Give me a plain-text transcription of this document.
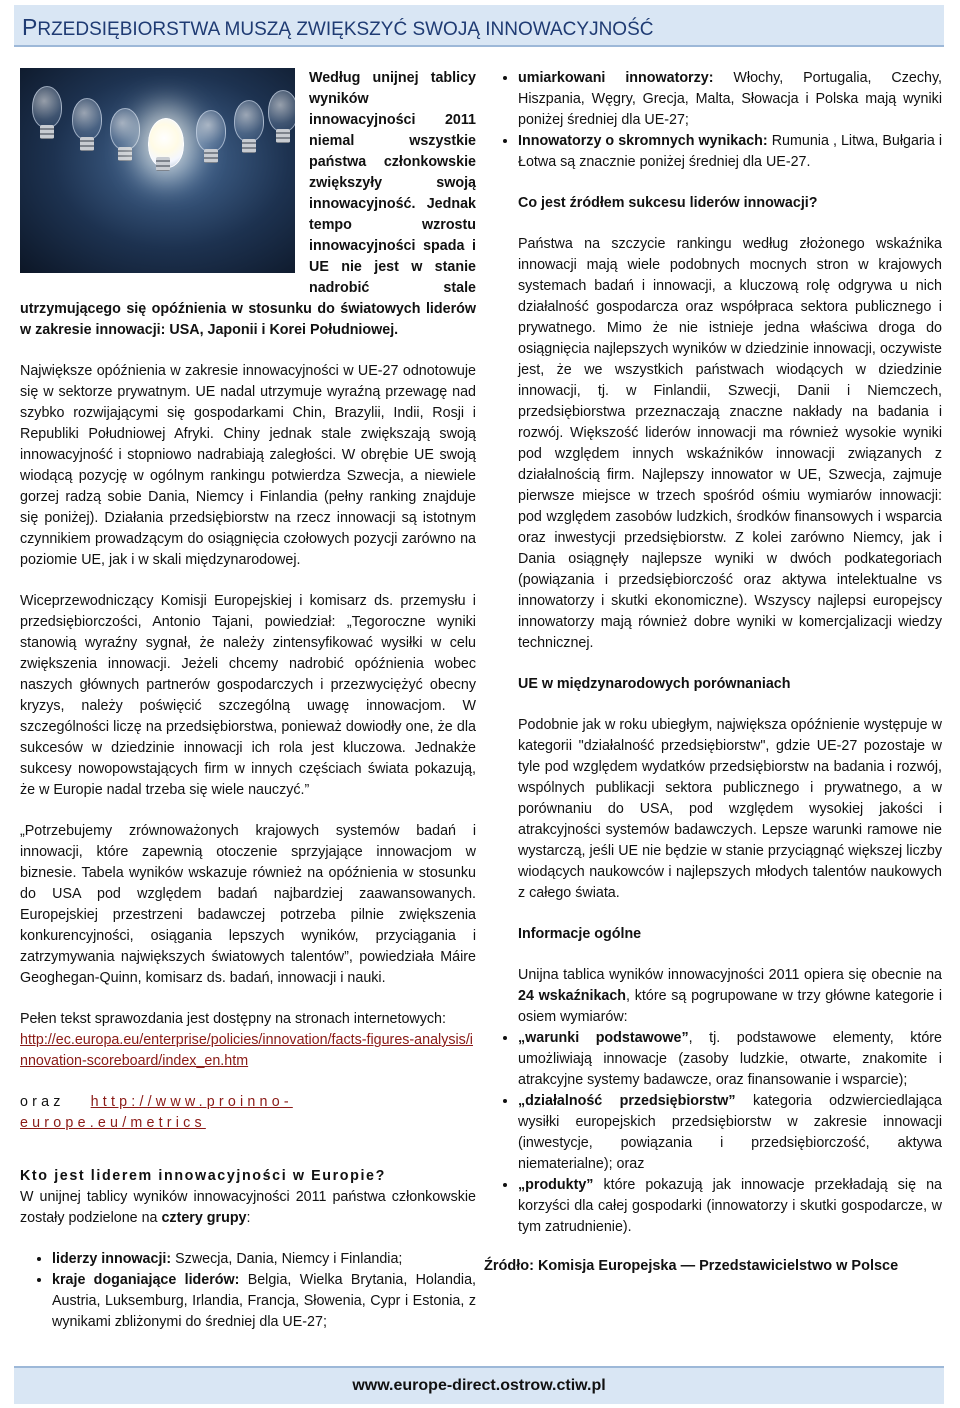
PRZEDSIĘBIORSTWA MUSZĄ ZWIĘKSZYĆ SWOJĄ INNOWACYJNOŚĆ

Według unijnej tablicy wyników innowacyjności 2011 niemal wszystkie państwa członkowskie zwiększyły swoją innowacyjność. Jednak tempo wzrostu innowacyjności spada i UE nie jest w stanie nadrobić stale utrzymującego się opóźnienia w stosunku do światowych liderów w zakresie innowacji: USA, Japonii i Korei Południowej.

Największe opóźnienia w zakresie innowacyjności w UE-27 odnotowuje się w sektorze prywatnym. UE nadal utrzymuje wyraźną przewagę nad szybko rozwijającymi się gospodarkami Chin, Brazylii, Indii, Rosji i Republiki Południowej Afryki. Chiny jednak stale zwiększają swoją innowacyjność i stopniowo nadrabiają zaległości. W obrębie UE swoją wiodącą pozycję w ogólnym rankingu potwierdza Szwecja, a niewiele gorzej radzą sobie Dania, Niemcy i Finlandia (pełny ranking znajduje się poniżej). Działania przedsiębiorstw na rzecz innowacji są istotnym czynnikiem prowadzącym do osiągnięcia czołowych pozycji zarówno na poziomie UE, jak i w skali międzynarodowej.

Wiceprzewodniczący Komisji Europejskiej i komisarz ds. przemysłu i przedsiębiorczości, Antonio Tajani, powiedział: „Tegoroczne wyniki stanowią wyraźny sygnał, że należy zintensyfikować wysiłki w celu zwiększenia innowacji. Jeżeli chcemy nadrobić opóźnienia wobec naszych głównych partnerów gospodarczych i przezwyciężyć obecny kryzys, należy poświęcić szczególną uwagę innowacjom. W szczególności liczę na przedsiębiorstwa, ponieważ dowiodły one, że dla sukcesów w dziedzinie innowacji ich rola jest kluczowa. Jednakże sukcesy nowopowstających firm w innych częściach świata pokazują, że w Europie nadal trzeba się wiele nauczyć.”

„Potrzebujemy zrównoważonych krajowych systemów badań i innowacji, które zapewnią otoczenie sprzyjające innowacjom w biznesie. Tabela wyników wskazuje również na opóźnienia w stosunku do USA pod względem badań najbardziej zaawansowanych. Europejskiej przestrzeni badawczej potrzeba pilnie zwiększenia konkurencyjności, osiągania lepszych wyników, przyciągania i zatrzymywania największych światowych talentów”, powiedziała Máire Geoghegan-Quinn, komisarz ds. badań, innowacji i nauki.

Pełen tekst sprawozdania jest dostępny na stronach internetowych:

http://ec.europa.eu/enterprise/policies/innovation/facts-figures-analysis/innovation-scoreboard/index_en.htm

oraz http://www.proinno-europe.eu/metrics

Kto jest liderem innowacyjności w Europie?

W unijnej tablicy wyników innowacyjności 2011 państwa członkowskie zostały podzielone na cztery grupy:

• liderzy innowacji: Szwecja, Dania, Niemcy i Finlandia;
• kraje doganiające liderów: Belgia, Wielka Brytania, Holandia, Austria, Luksemburg, Irlandia, Francja, Słowenia, Cypr i Estonia, z wynikami zbliżonymi do średniej dla UE-27;
• umiarkowani innowatorzy: Włochy, Portugalia, Czechy, Hiszpania, Węgry, Grecja, Malta, Słowacja i Polska mają wyniki poniżej średniej dla UE-27;
• Innowatorzy o skromnych wynikach: Rumunia , Litwa, Bułgaria i Łotwa są znacznie poniżej średniej dla UE-27.

Co jest źródłem sukcesu liderów innowacji?

Państwa na szczycie rankingu według złożonego wskaźnika innowacji mają wiele podobnych mocnych stron w krajowych systemach badań i innowacji, a kluczową rolę odgrywa u nich działalność gospodarcza oraz współpraca sektora publicznego i prywatnego. Mimo że nie istnieje jedna właściwa droga do osiągnięcia najlepszych wyników w dziedzinie innowacji, oczywiste jest, że we wszystkich państwach wiodących w dziedzinie innowacji, tj. w Finlandii, Szwecji, Danii i Niemczech, przedsiębiorstwa przeznaczają znaczne nakłady na badania i rozwój. Większość liderów innowacji ma również wysokie wyniki pod względem innych wskaźników innowacji związanych z działalnością firm. Najlepszy innowator w UE, Szwecja, zajmuje pierwsze miejsce w trzech spośród ośmiu wymiarów innowacji: pod względem zasobów ludzkich, środków finansowych i wsparcia oraz inwestycji przedsiębiorstw. Z kolei zarówno Niemcy, jak i Dania osiągnęły najlepsze wyniki w dwóch podkategoriach (powiązania i przedsiębiorczość oraz aktywa intelektualne vs innowatorzy i skutki ekonomiczne). Wszyscy najlepsi europejscy innowatorzy mają również dobre wyniki w komercjalizacji wiedzy technicznej.

UE w międzynarodowych porównaniach

Podobnie jak w roku ubiegłym, największa opóźnienie występuje w kategorii "działalność przedsiębiorstw", gdzie UE-27 pozostaje w tyle pod względem wydatków przedsiębiorstw na badania i rozwój, wspólnych publikacji sektora publicznego i prywatnego, a w porównaniu do USA, pod względem wysokiej jakości i atrakcyjności systemów badawczych. Lepsze warunki ramowe nie wystarczą, jeśli UE nie będzie w stanie przyciągnąć większej liczby wiodących naukowców i najlepszych młodych talentów naukowych z całego świata.

Informacje ogólne

Unijna tablica wyników innowacyjności 2011 opiera się obecnie na 24 wskaźnikach, które są pogrupowane w trzy główne kategorie i osiem wymiarów:

• „warunki podstawowe”, tj. podstawowe elementy, które umożliwiają innowacje (zasoby ludzkie, otwarte, znakomite i atrakcyjne systemy badawcze, oraz finansowanie i wsparcie);
• „działalność przedsiębiorstw” kategoria odzwierciedlająca wysiłki europejskich przedsiębiorstw w zakresie innowacji (inwestycje, powiązania i przedsiębiorczość, aktywa niematerialne); oraz
• „produkty” które pokazują jak innowacje przekładają się na korzyści dla całej gospodarki (innowatorzy i skutki gospodarcze, w tym zatrudnienie).

Źródło: Komisja Europejska — Przedstawicielstwo w Polsce

www.europe-direct.ostrow.ctiw.pl
